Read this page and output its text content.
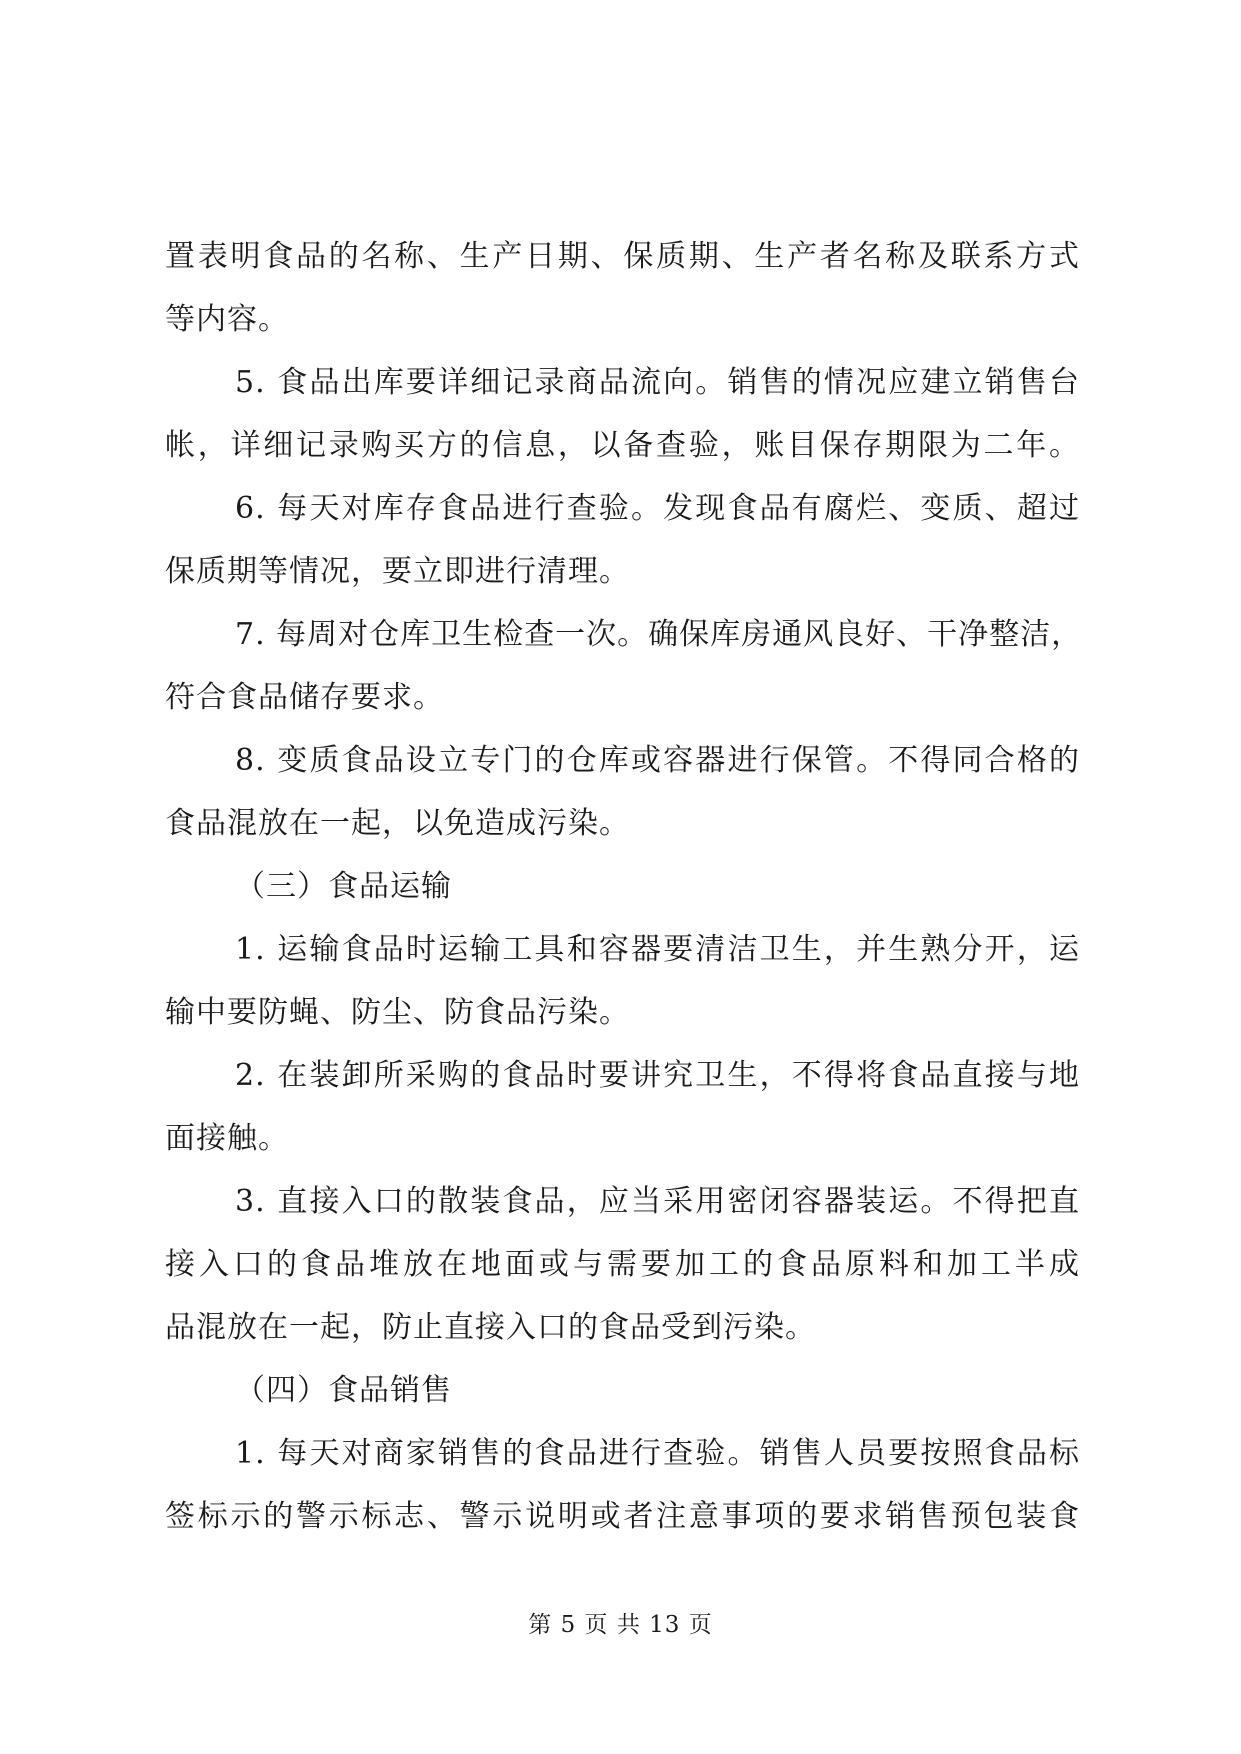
置表明食品的名称、生产日期、保质期、生产者名称及联系方式
等内容。
5. 食品出库要详细记录商品流向。销售的情况应建立销售台
帐，详细记录购买方的信息，以备查验，账目保存期限为二年。
6. 每天对库存食品进行查验。发现食品有腐烂、变质、超过
保质期等情况，要立即进行清理。
7. 每周对仓库卫生检查一次。确保库房通风良好、干净整洁，
符合食品储存要求。
8. 变质食品设立专门的仓库或容器进行保管。不得同合格的
食品混放在一起，以免造成污染。
（三）食品运输
1. 运输食品时运输工具和容器要清洁卫生，并生熟分开，运
输中要防蝇、防尘、防食品污染。
2. 在装卸所采购的食品时要讲究卫生，不得将食品直接与地
面接触。
3. 直接入口的散装食品，应当采用密闭容器装运。不得把直
接入口的食品堆放在地面或与需要加工的食品原料和加工半成
品混放在一起，防止直接入口的食品受到污染。
（四）食品销售
1. 每天对商家销售的食品进行查验。销售人员要按照食品标
签标示的警示标志、警示说明或者注意事项的要求销售预包装食
第 5 页 共 13 页
